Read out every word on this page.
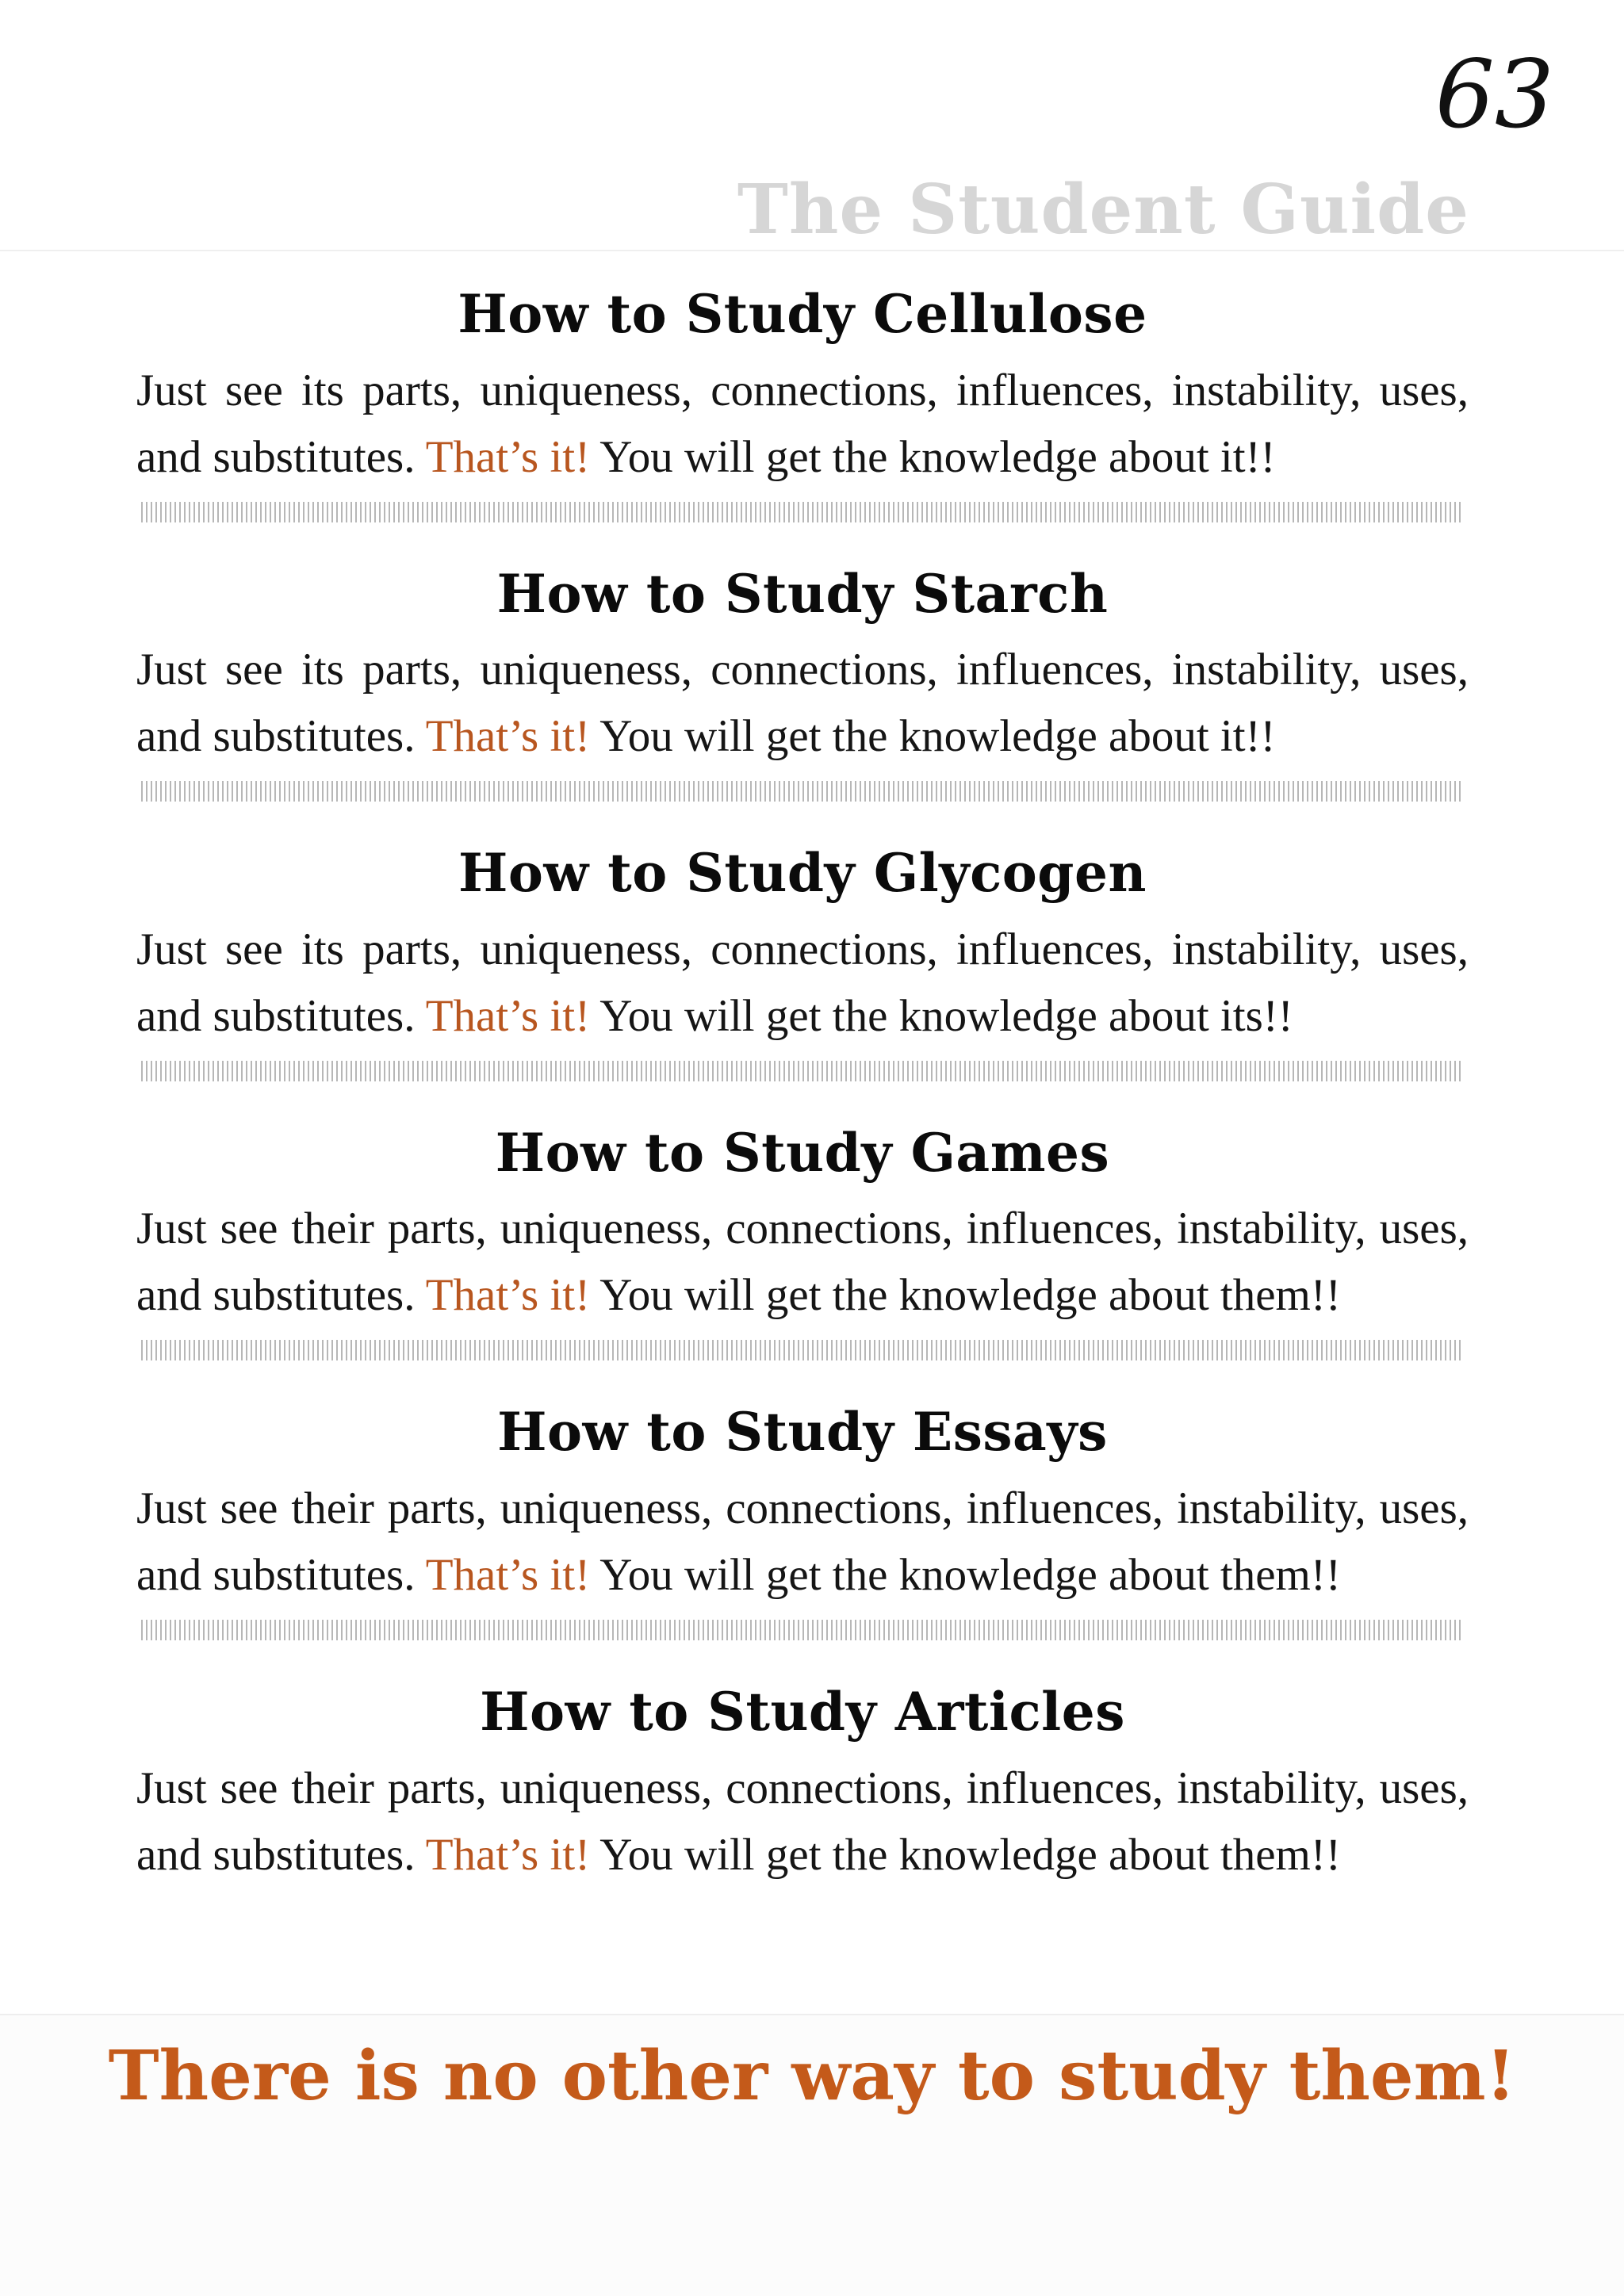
63
The Student Guide
How to Study Cellulose

Just see its parts, uniqueness, connections, influences, instability, uses, and substitutes. That’s it! You will get the knowledge about it!!

How to Study Starch

Just see its parts, uniqueness, connections, influences, instability, uses, and substitutes. That’s it! You will get the knowledge about it!!

How to Study Glycogen

Just see its parts, uniqueness, connections, influences, instability, uses, and substitutes. That’s it! You will get the knowledge about its!!

How to Study Games

Just see their parts, uniqueness, connections, influences, instability, uses, and substitutes. That’s it! You will get the knowledge about them!!

How to Study Essays

Just see their parts, uniqueness, connections, influences, instability, uses, and substitutes. That’s it! You will get the knowledge about them!!

How to Study Articles

Just see their parts, uniqueness, connections, influences, instability, uses, and substitutes. That’s it! You will get the knowledge about them!!

There is no other way to study them!
